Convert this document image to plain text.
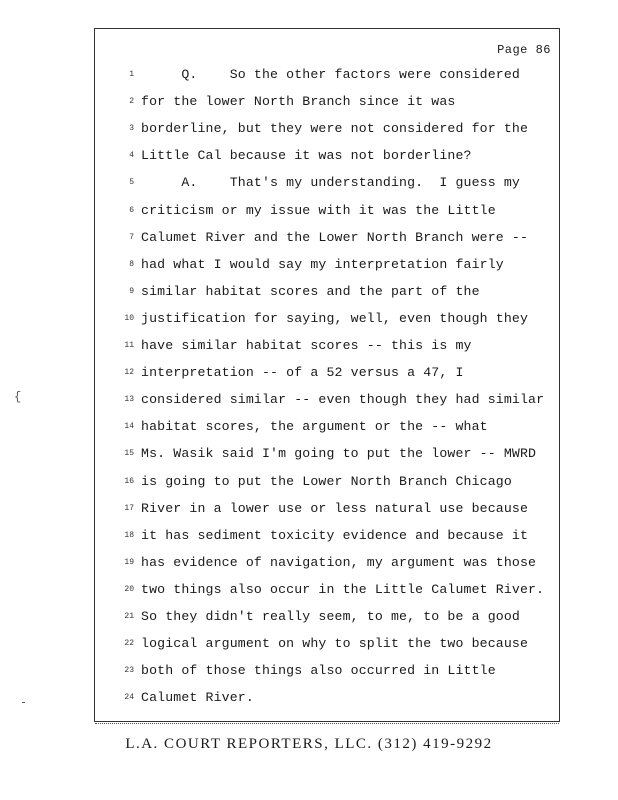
Page 86
1 Q.    So the other factors were considered
2 for the lower North Branch since it was
3 borderline, but they were not considered for the
4 Little Cal because it was not borderline?
5 A.    That's my understanding.  I guess my
6 criticism or my issue with it was the Little
7 Calumet River and the Lower North Branch were --
8 had what I would say my interpretation fairly
9 similar habitat scores and the part of the
10 justification for saying, well, even though they
11 have similar habitat scores -- this is my
12 interpretation -- of a 52 versus a 47, I
13 considered similar -- even though they had similar
14 habitat scores, the argument or the -- what
15 Ms. Wasik said I'm going to put the lower -- MWRD
16 is going to put the Lower North Branch Chicago
17 River in a lower use or less natural use because
18 it has sediment toxicity evidence and because it
19 has evidence of navigation, my argument was those
20 two things also occur in the Little Calumet River.
21 So they didn't really seem, to me, to be a good
22 logical argument on why to split the two because
23 both of those things also occurred in Little
24 Calumet River.
{
L.A. COURT REPORTERS, LLC. (312) 419-9292
